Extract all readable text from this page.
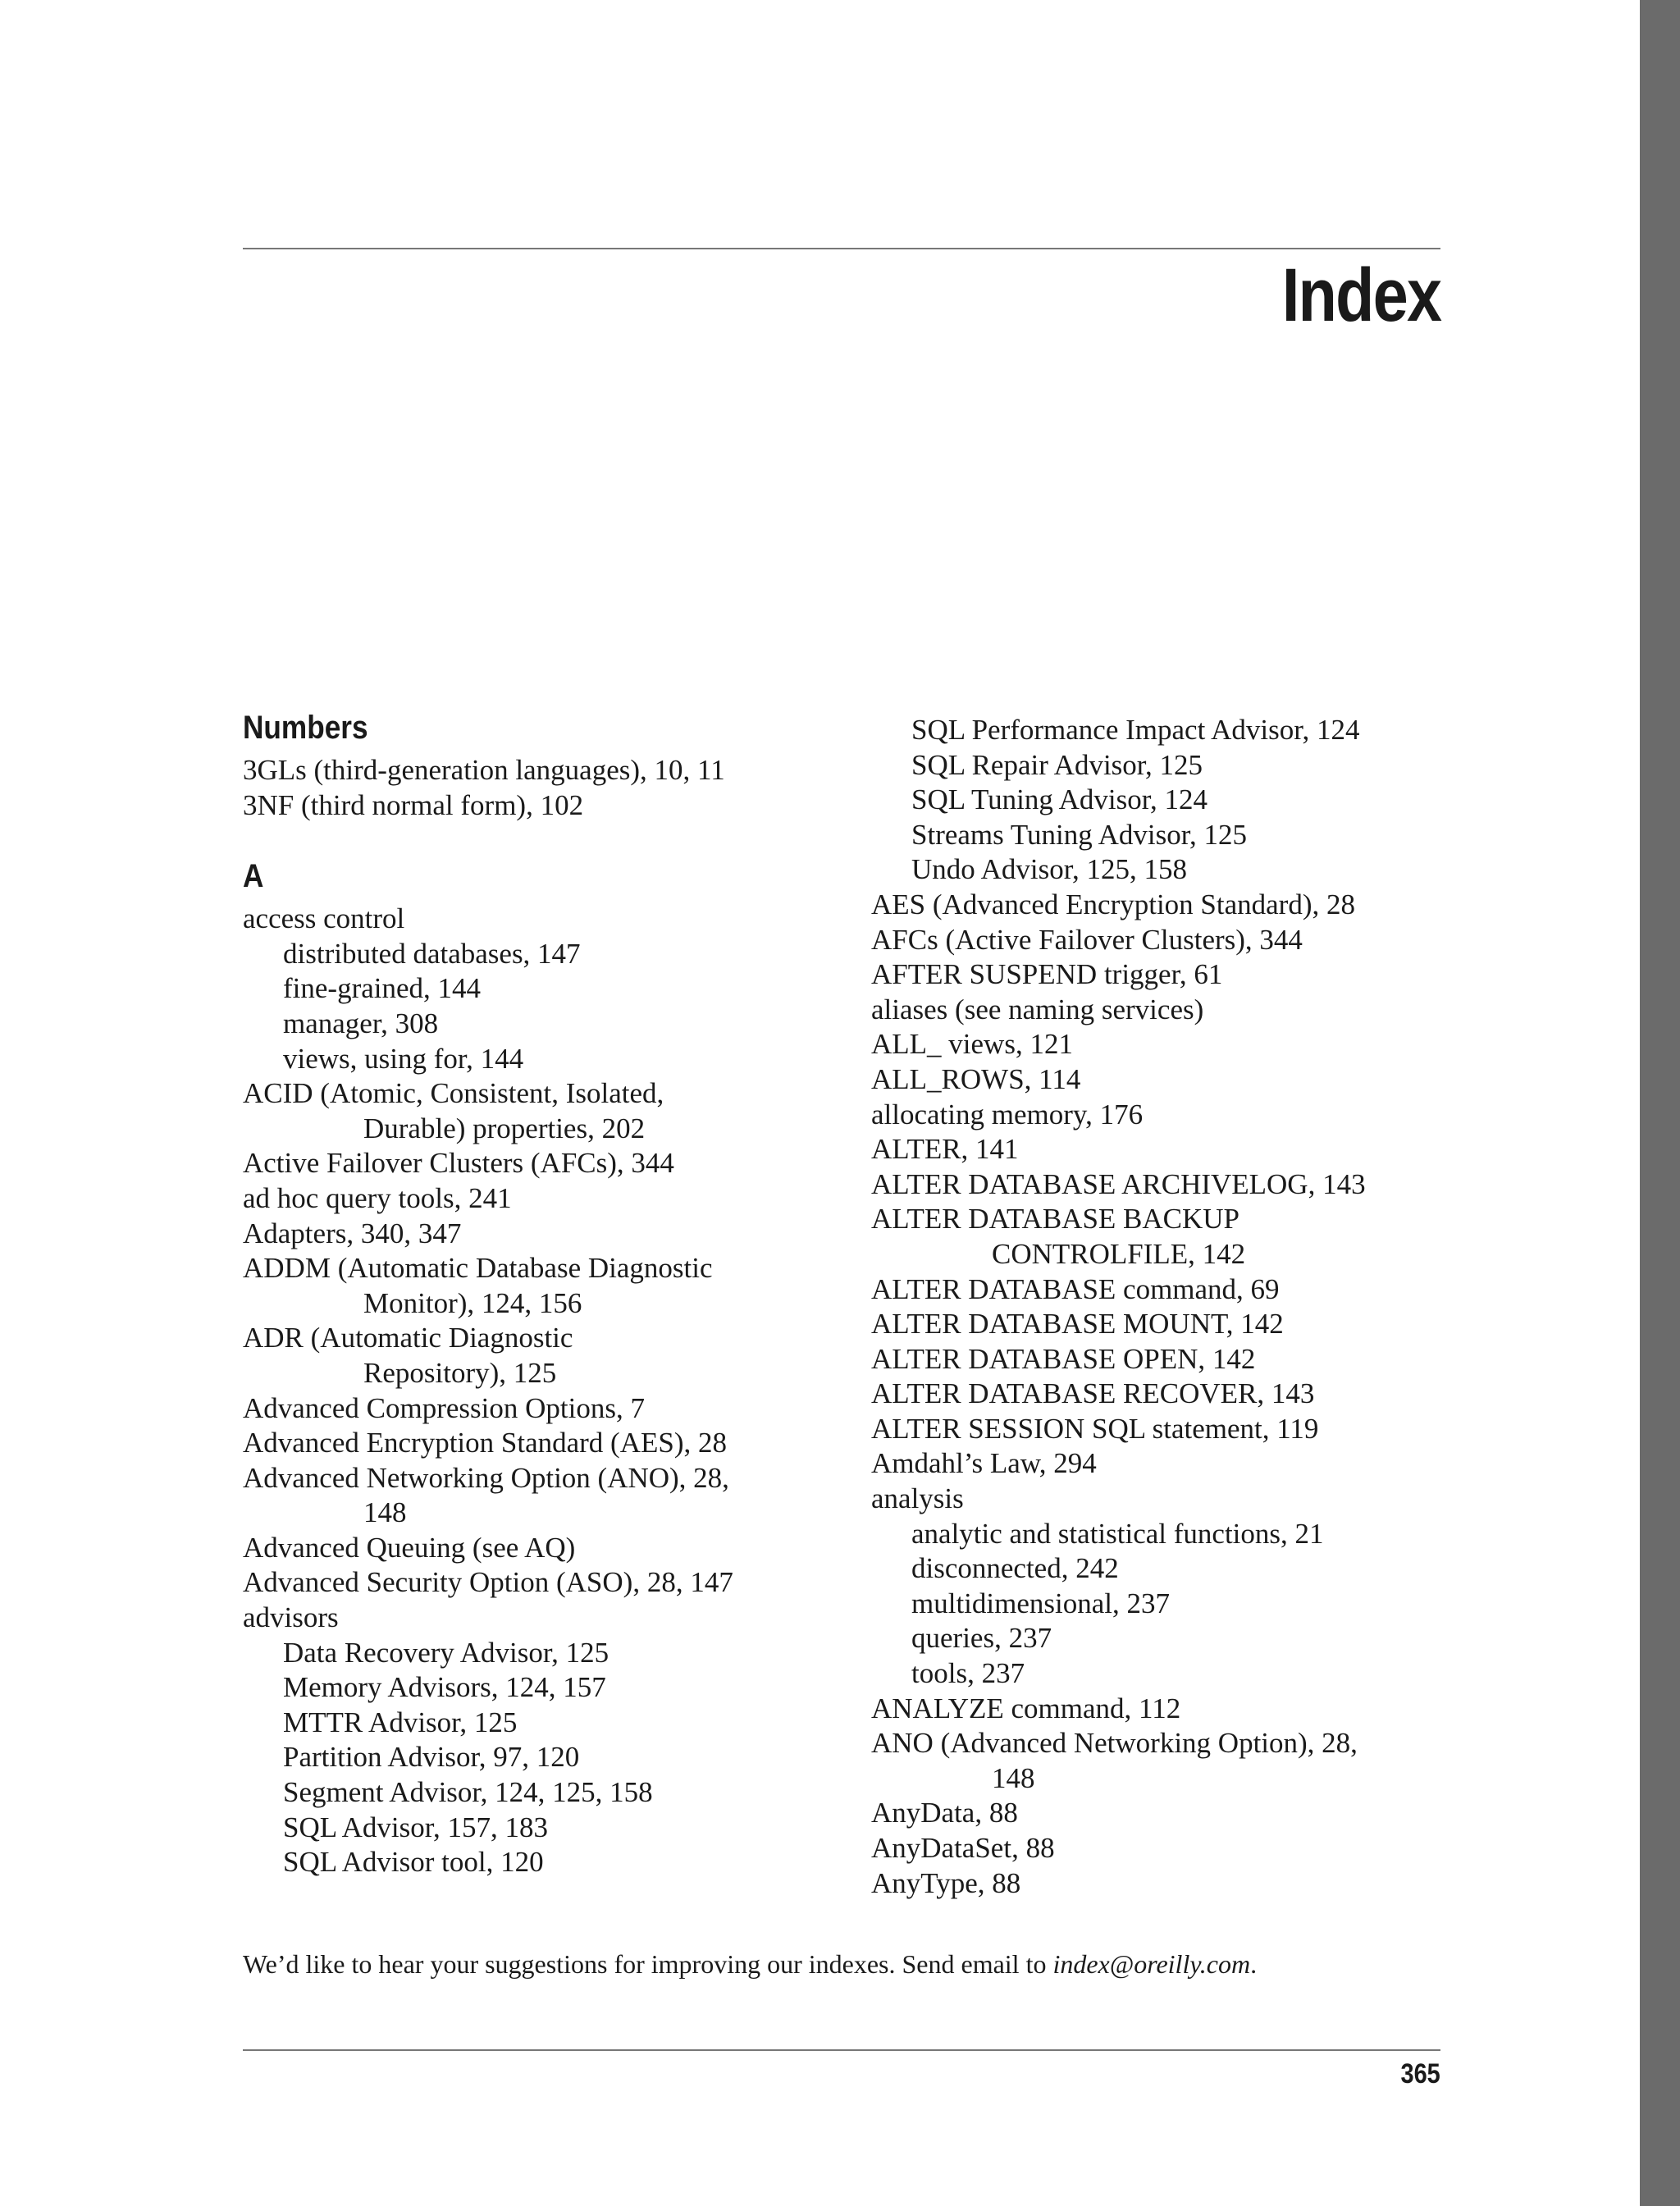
Index
Numbers
3GLs (third-generation languages), 10, 11
3NF (third normal form), 102
A
access control
distributed databases, 147
fine-grained, 144
manager, 308
views, using for, 144
ACID (Atomic, Consistent, Isolated,
Durable) properties, 202
Active Failover Clusters (AFCs), 344
ad hoc query tools, 241
Adapters, 340, 347
ADDM (Automatic Database Diagnostic
Monitor), 124, 156
ADR (Automatic Diagnostic
Repository), 125
Advanced Compression Options, 7
Advanced Encryption Standard (AES), 28
Advanced Networking Option (ANO), 28,
148
Advanced Queuing (see AQ)
Advanced Security Option (ASO), 28, 147
advisors
Data Recovery Advisor, 125
Memory Advisors, 124, 157
MTTR Advisor, 125
Partition Advisor, 97, 120
Segment Advisor, 124, 125, 158
SQL Advisor, 157, 183
SQL Advisor tool, 120
SQL Performance Impact Advisor, 124
SQL Repair Advisor, 125
SQL Tuning Advisor, 124
Streams Tuning Advisor, 125
Undo Advisor, 125, 158
AES (Advanced Encryption Standard), 28
AFCs (Active Failover Clusters), 344
AFTER SUSPEND trigger, 61
aliases (see naming services)
ALL_ views, 121
ALL_ROWS, 114
allocating memory, 176
ALTER, 141
ALTER DATABASE ARCHIVELOG, 143
ALTER DATABASE BACKUP
CONTROLFILE, 142
ALTER DATABASE command, 69
ALTER DATABASE MOUNT, 142
ALTER DATABASE OPEN, 142
ALTER DATABASE RECOVER, 143
ALTER SESSION SQL statement, 119
Amdahl’s Law, 294
analysis
analytic and statistical functions, 21
disconnected, 242
multidimensional, 237
queries, 237
tools, 237
ANALYZE command, 112
ANO (Advanced Networking Option), 28,
148
AnyData, 88
AnyDataSet, 88
AnyType, 88
We’d like to hear your suggestions for improving our indexes. Send email to index@oreilly.com.
365
